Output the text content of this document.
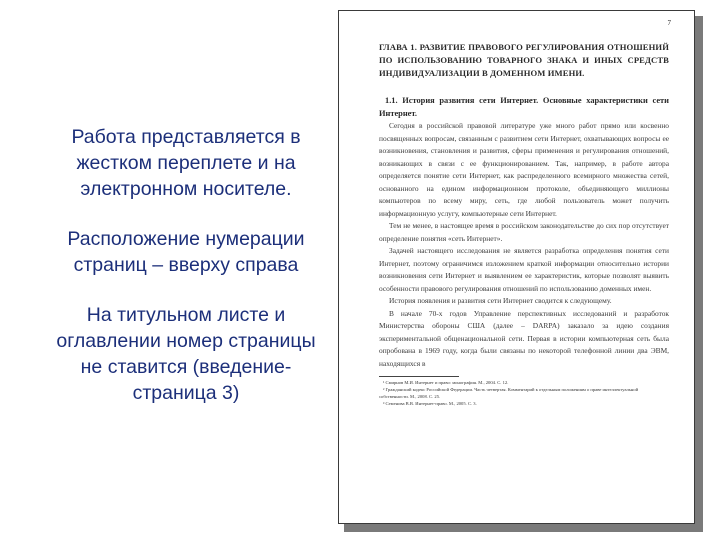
Работа представляется в жестком переплете и на электронном носителе.

Расположение нумерации страниц – вверху справа

На титульном листе и оглавлении номер страницы не ставится (введение- страница 3)

7
ГЛАВА 1. РАЗВИТИЕ ПРАВОВОГО РЕГУЛИРОВАНИЯ ОТНОШЕНИЙ ПО ИСПОЛЬЗОВАНИЮ ТОВАРНОГО ЗНАКА И ИНЫХ СРЕДСТВ ИНДИВИДУАЛИЗАЦИИ В ДОМЕННОМ ИМЕНИ.
1.1. История развития сети Интернет. Основные характеристики сети Интернет.

Сегодня в российской правовой литературе уже много работ прямо или косвенно посвященных вопросам, связанным с развитием сети Интернет, охватывающих вопросы ее возникновения, становления и развития, сферы применения и регулирования отношений, возникающих в связи с ее функционированием. Так, например, в работе автора определяется понятие сети Интернет, как распределенного всемирного множества сетей, основанного на едином информационном протоколе, объединяющего миллионы компьютеров по всему миру, сеть, где любой пользователь может получить информационную услугу, компьютерные сети Интернет.

Тем не менее, в настоящее время в российском законодательстве до сих пор отсутствует определение понятия «сеть Интернет».

Задачей настоящего исследования не является разработка определения понятия сети Интернет, поэтому ограничимся изложением краткой информации относительно истории возникновения сети Интернет и выявлением ее характеристик, которые позволят выявить особенности правового регулирования отношений по использованию доменных имен.

История появления и развития сети Интернет сводится к следующему.

В начале 70-х годов Управление перспективных исследований и разработок Министерства обороны США (далее – DARPA) заказало за идею создания экспериментальной общенациональной сети. Первая в истории компьютерная сеть была опробована в 1969 году, когда были связаны по некоторой телефонной линии два ЭВМ, находящихся в

¹ Смирнов М.И. Интернет и право: монография. М., 2004. С. 12.

² Гражданский кодекс Российской Федерации. Часть четвертая. Комментарий к отдельным положениям о праве интеллектуальной собственности. М., 2008. С. 25.

³ Семенова В.В. Интернет-право. М., 2005. С. 3.
